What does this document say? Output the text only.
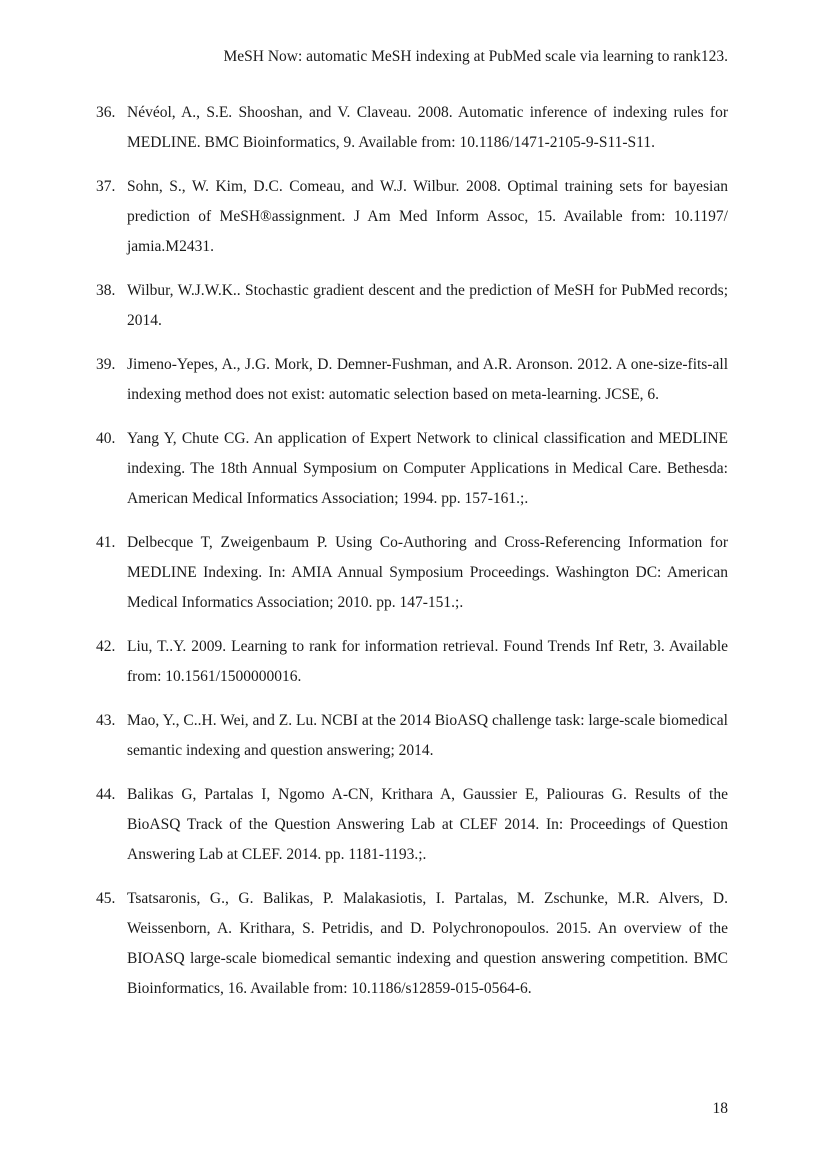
MeSH Now: automatic MeSH indexing at PubMed scale via learning to rank123.
36. Névéol, A., S.E. Shooshan, and V. Claveau. 2008. Automatic inference of indexing rules for MEDLINE. BMC Bioinformatics, 9. Available from: 10.1186/1471-2105-9-S11-S11.
37. Sohn, S., W. Kim, D.C. Comeau, and W.J. Wilbur. 2008. Optimal training sets for bayesian prediction of MeSH®assignment. J Am Med Inform Assoc, 15. Available from: 10.1197/ jamia.M2431.
38. Wilbur, W.J.W.K.. Stochastic gradient descent and the prediction of MeSH for PubMed records; 2014.
39. Jimeno-Yepes, A., J.G. Mork, D. Demner-Fushman, and A.R. Aronson. 2012. A one-size-fits-all indexing method does not exist: automatic selection based on meta-learning. JCSE, 6.
40. Yang Y, Chute CG. An application of Expert Network to clinical classification and MEDLINE indexing. The 18th Annual Symposium on Computer Applications in Medical Care. Bethesda: American Medical Informatics Association; 1994. pp. 157-161.;.
41. Delbecque T, Zweigenbaum P. Using Co-Authoring and Cross-Referencing Information for MEDLINE Indexing. In: AMIA Annual Symposium Proceedings. Washington DC: American Medical Informatics Association; 2010. pp. 147-151.;.
42. Liu, T..Y. 2009. Learning to rank for information retrieval. Found Trends Inf Retr, 3. Available from: 10.1561/1500000016.
43. Mao, Y., C..H. Wei, and Z. Lu. NCBI at the 2014 BioASQ challenge task: large-scale biomedical semantic indexing and question answering; 2014.
44. Balikas G, Partalas I, Ngomo A-CN, Krithara A, Gaussier E, Paliouras G. Results of the BioASQ Track of the Question Answering Lab at CLEF 2014. In: Proceedings of Question Answering Lab at CLEF. 2014. pp. 1181-1193.;.
45. Tsatsaronis, G., G. Balikas, P. Malakasiotis, I. Partalas, M. Zschunke, M.R. Alvers, D. Weissenborn, A. Krithara, S. Petridis, and D. Polychronopoulos. 2015. An overview of the BIOASQ large-scale biomedical semantic indexing and question answering competition. BMC Bioinformatics, 16. Available from: 10.1186/s12859-015-0564-6.
18
